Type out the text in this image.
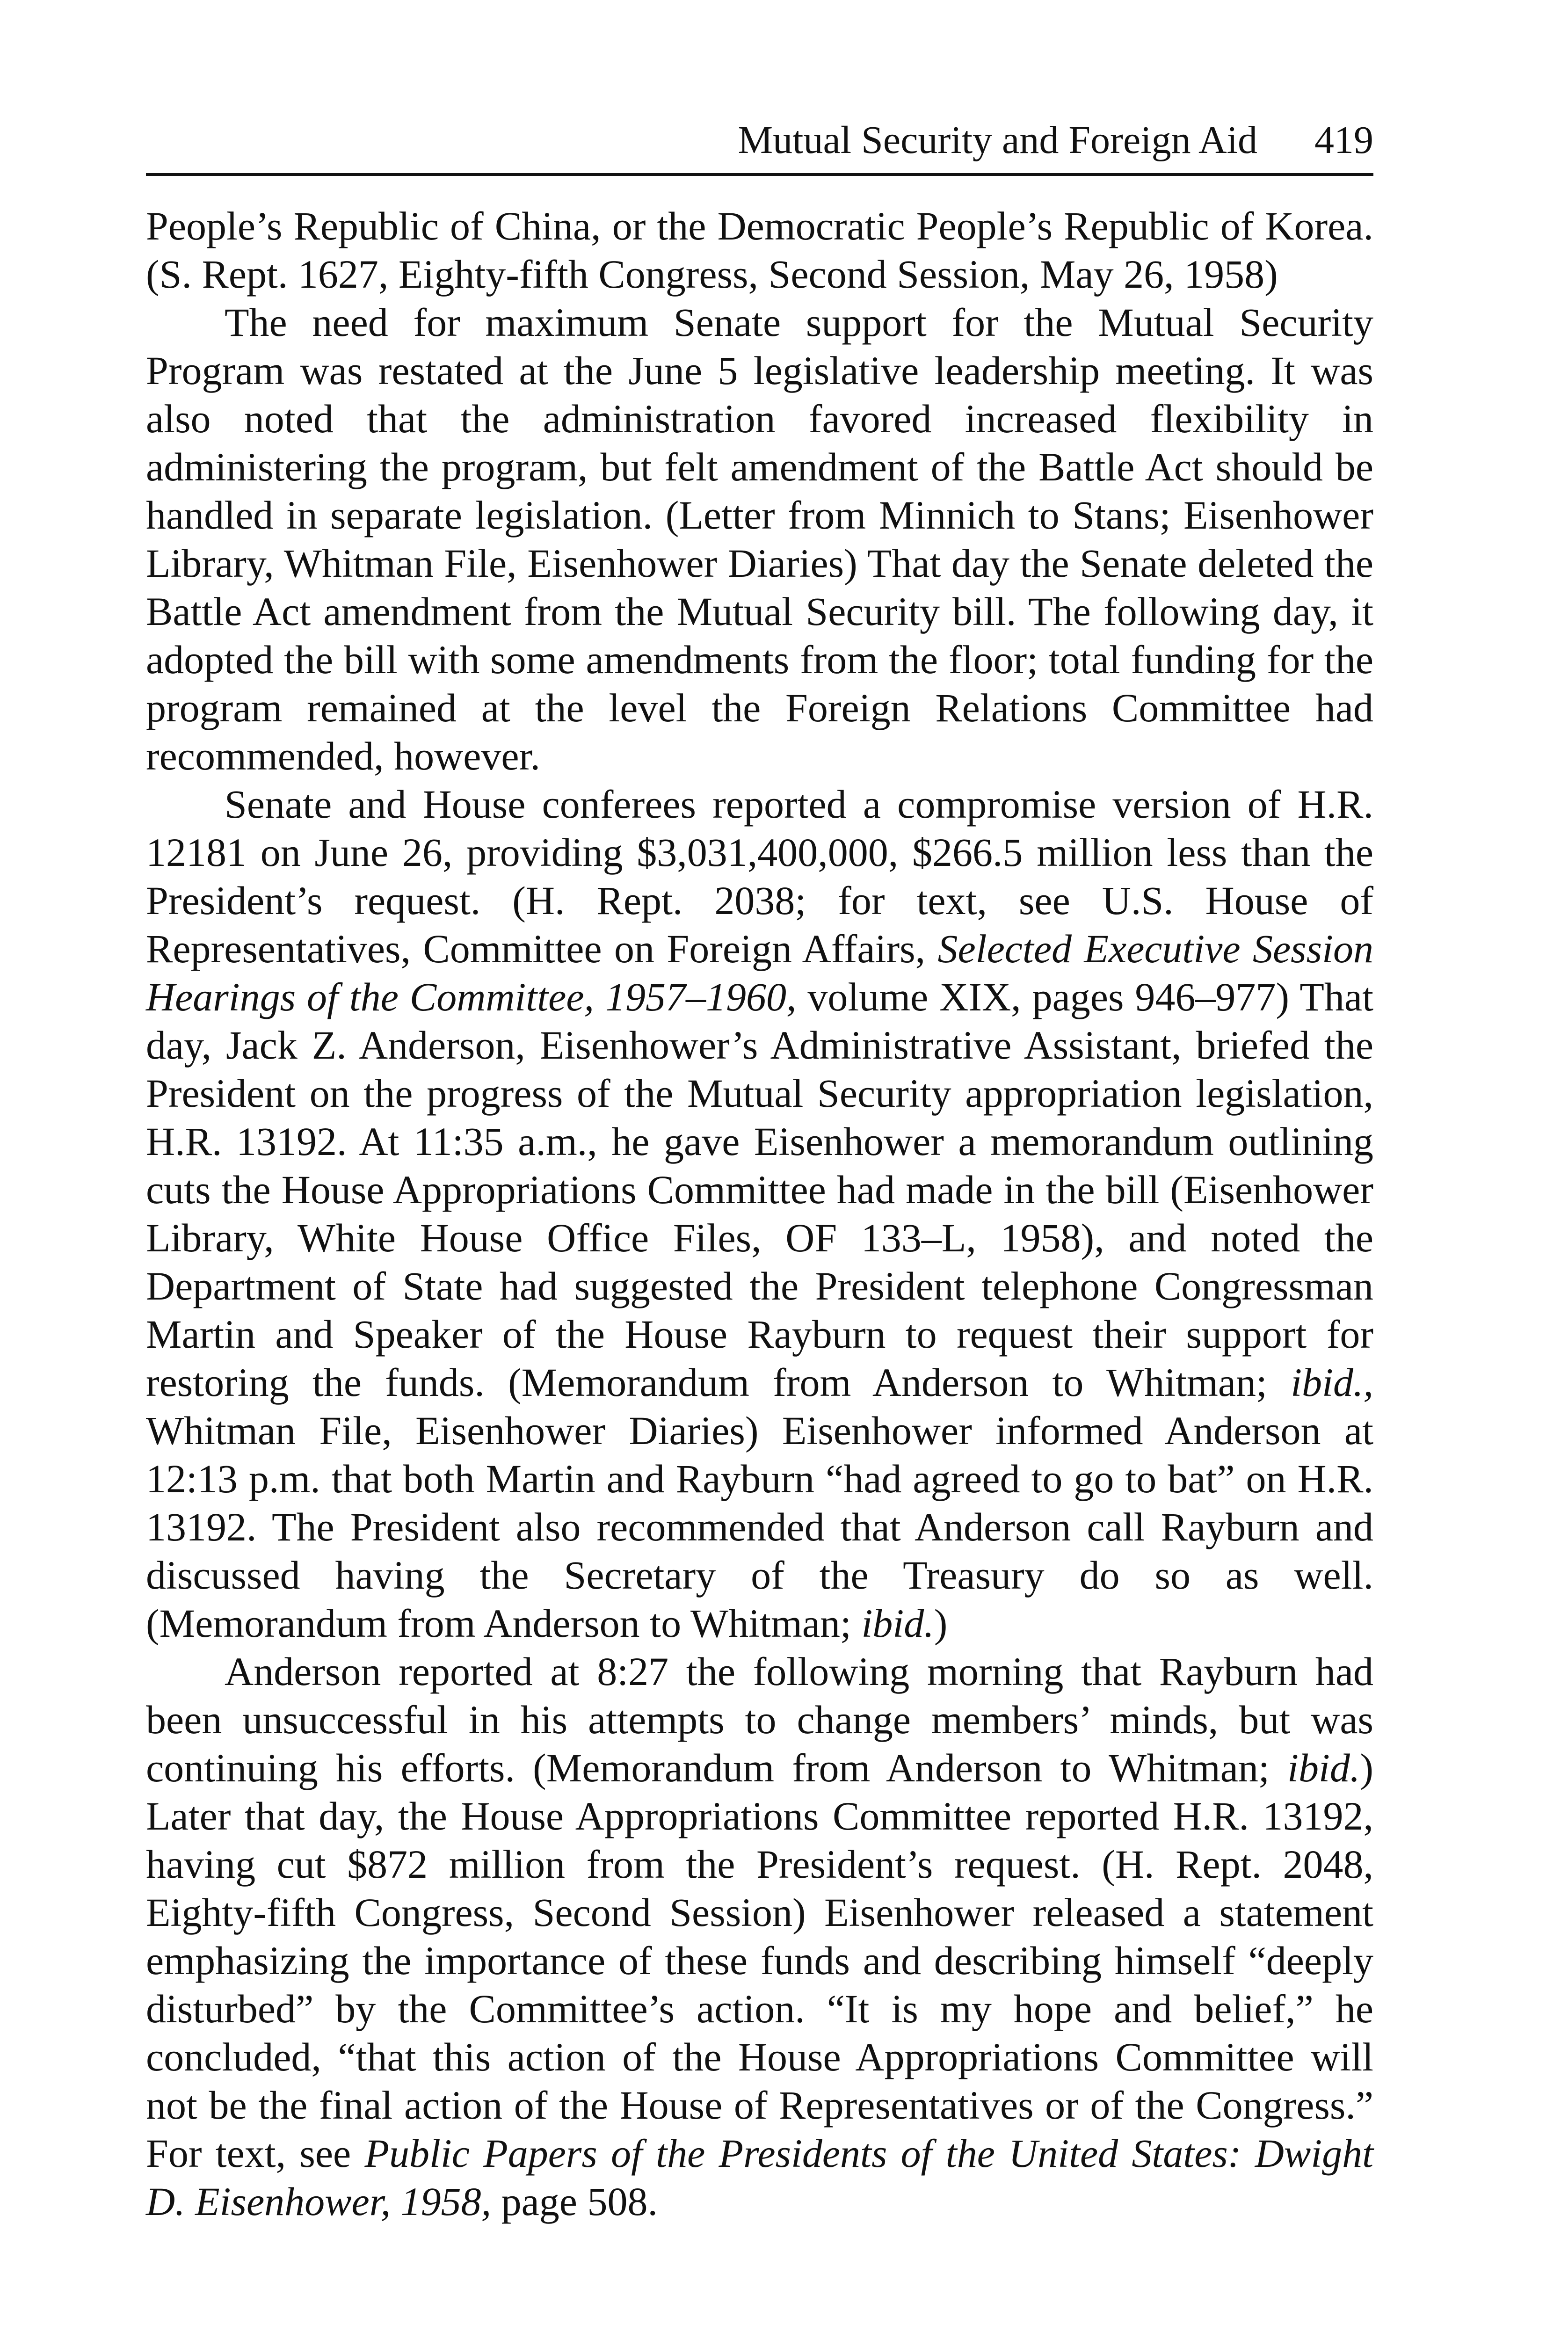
Mutual Security and Foreign Aid 419

People’s Republic of China, or the Democratic People’s Republic of Korea. (S. Rept. 1627, Eighty-fifth Congress, Second Session, May 26, 1958)

The need for maximum Senate support for the Mutual Security Program was restated at the June 5 legislative leadership meeting. It was also noted that the administration favored increased flexibility in administering the program, but felt amendment of the Battle Act should be handled in separate legislation. (Letter from Minnich to Stans; Eisenhower Library, Whitman File, Eisenhower Diaries) That day the Senate deleted the Battle Act amendment from the Mutual Security bill. The following day, it adopted the bill with some amendments from the floor; total funding for the program remained at the level the Foreign Relations Committee had recommended, however.

Senate and House conferees reported a compromise version of H.R. 12181 on June 26, providing $3,031,400,000, $266.5 million less than the President’s request. (H. Rept. 2038; for text, see U.S. House of Representatives, Committee on Foreign Affairs, Selected Executive Session Hearings of the Committee, 1957–1960, volume XIX, pages 946–977) That day, Jack Z. Anderson, Eisenhower’s Administrative Assistant, briefed the President on the progress of the Mutual Security appropriation legislation, H.R. 13192. At 11:35 a.m., he gave Eisenhower a memorandum outlining cuts the House Appropriations Committee had made in the bill (Eisenhower Library, White House Office Files, OF 133–L, 1958), and noted the Department of State had suggested the President telephone Congressman Martin and Speaker of the House Rayburn to request their support for restoring the funds. (Memorandum from Anderson to Whitman; ibid., Whitman File, Eisenhower Diaries) Eisenhower informed Anderson at 12:13 p.m. that both Martin and Rayburn “had agreed to go to bat” on H.R. 13192. The President also recommended that Anderson call Rayburn and discussed having the Secretary of the Treasury do so as well. (Memorandum from Anderson to Whitman; ibid.)

Anderson reported at 8:27 the following morning that Rayburn had been unsuccessful in his attempts to change members’ minds, but was continuing his efforts. (Memorandum from Anderson to Whitman; ibid.) Later that day, the House Appropriations Committee reported H.R. 13192, having cut $872 million from the President’s request. (H. Rept. 2048, Eighty-fifth Congress, Second Session) Eisenhower released a statement emphasizing the importance of these funds and describing himself “deeply disturbed” by the Committee’s action. “It is my hope and belief,” he concluded, “that this action of the House Appropriations Committee will not be the final action of the House of Representatives or of the Congress.” For text, see Public Papers of the Presidents of the United States: Dwight D. Eisenhower, 1958, page 508.
